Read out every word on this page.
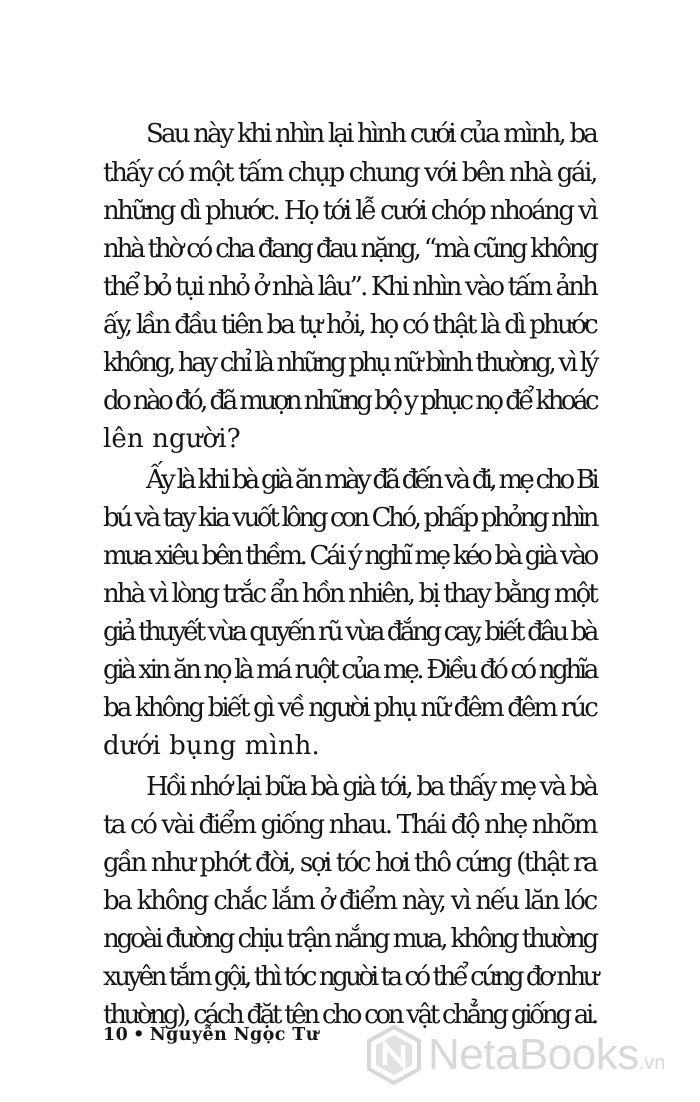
Sau này khi nhìn lại hình cưới của mình, ba
thấy có một tấm chụp chung với bên nhà gái,
những dì phước. Họ tới lễ cưới chóp nhoáng vì
nhà thờ có cha đang đau nặng, “mà cũng không
thể bỏ tụi nhỏ ở nhà lâu”. Khi nhìn vào tấm ảnh
ấy, lần đầu tiên ba tự hỏi, họ có thật là dì phước
không, hay chỉ là những phụ nữ bình thường, vì lý
do nào đó, đã mượn những bộ y phục nọ để khoác
lên người?
Ấy là khi bà già ăn mày đã đến và đi, mẹ cho Bi
bú và tay kia vuốt lông con Chó, phấp phỏng nhìn
mưa xiêu bên thềm. Cái ý nghĩ mẹ kéo bà già vào
nhà vì lòng trắc ẩn hồn nhiên, bị thay bằng một
giả thuyết vừa quyến rũ vừa đắng cay, biết đâu bà
già xin ăn nọ là má ruột của mẹ. Điều đó có nghĩa
ba không biết gì về người phụ nữ đêm đêm rúc
dưới bụng mình.
Hồi nhớ lại bữa bà già tới, ba thấy mẹ và bà
ta có vài điểm giống nhau. Thái độ nhẹ nhõm
gần như phớt đời, sợi tóc hơi thô cứng (thật ra
ba không chắc lắm ở điểm này, vì nếu lăn lóc
ngoài đường chịu trận nắng mưa, không thường
xuyên tắm gội, thì tóc người ta có thể cứng đơ như
thường), cách đặt tên cho con vật chẳng giống ai.
10 • Nguyễn Ngọc Tư NetaBooks.vn
